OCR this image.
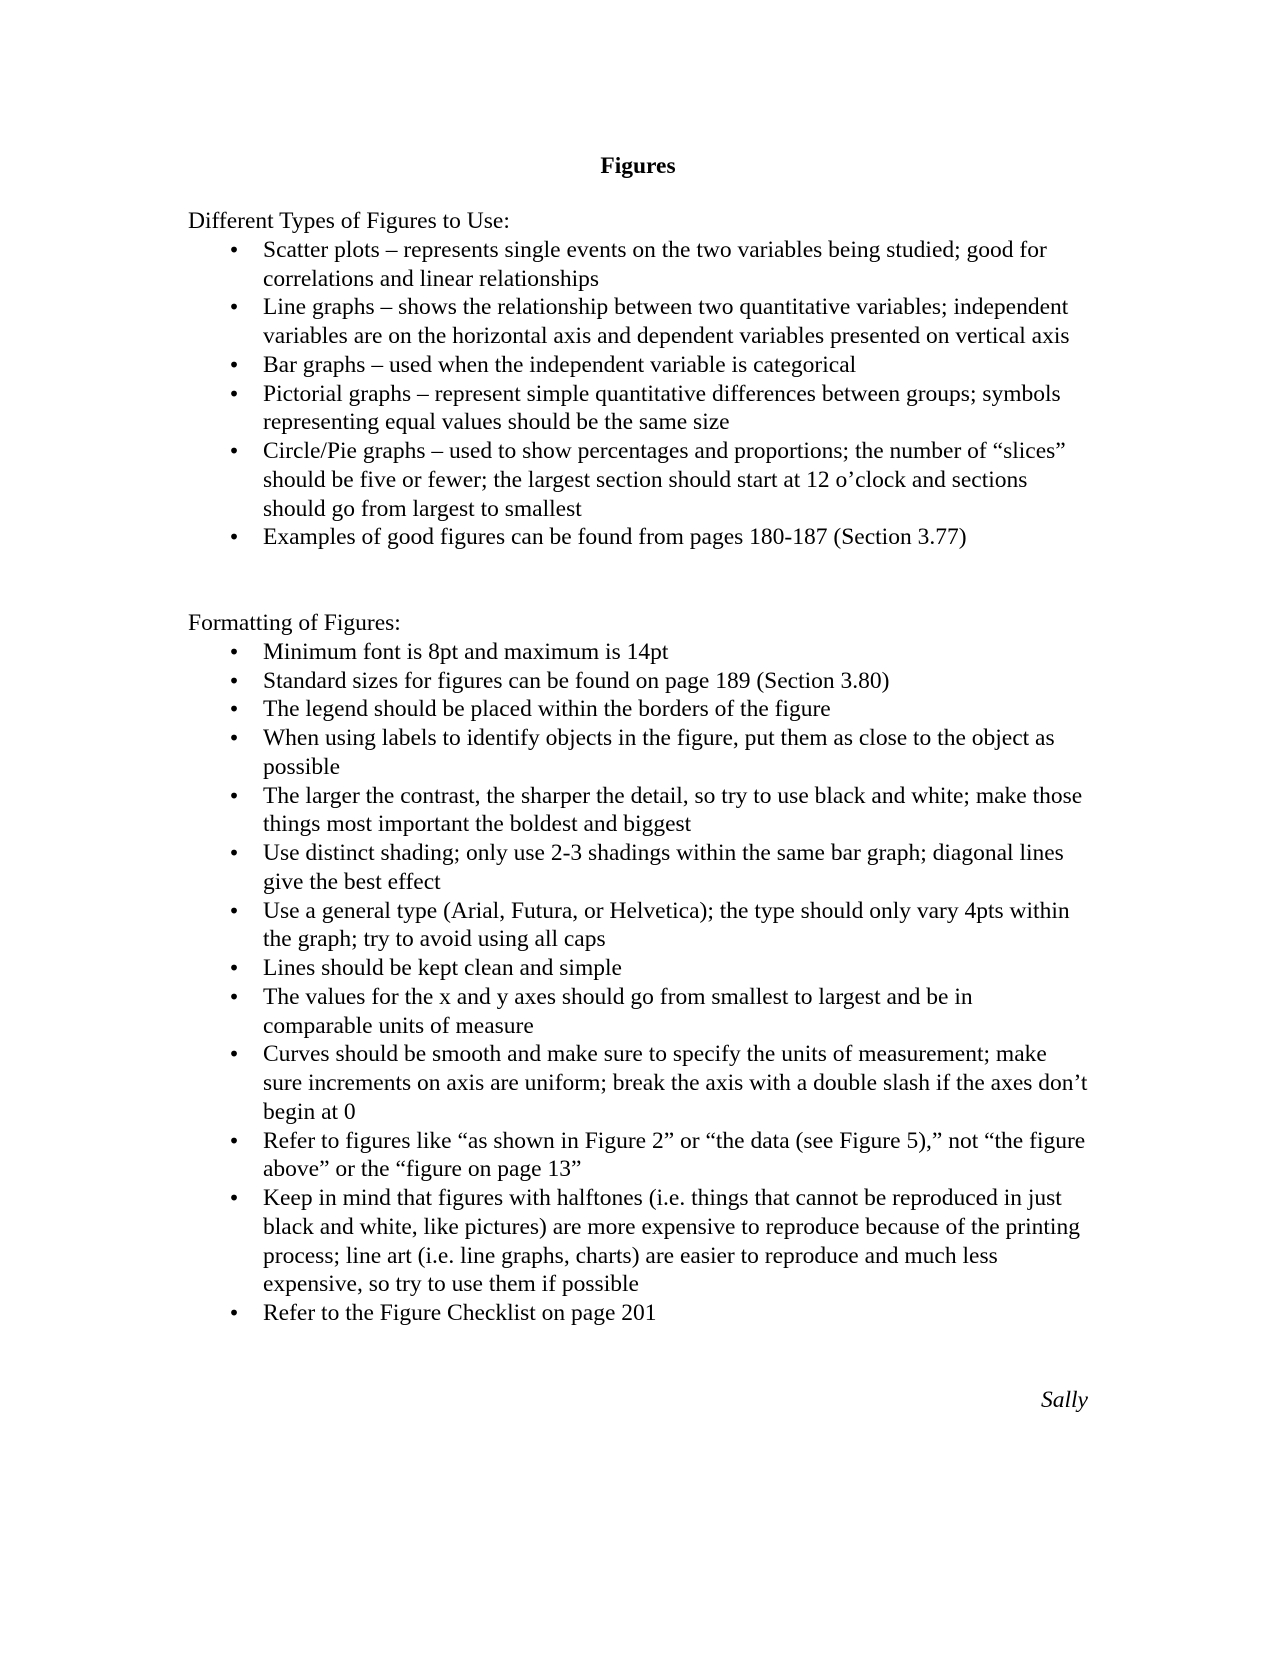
Figures

Different Types of Figures to Use:

• Scatter plots – represents single events on the two variables being studied; good for correlations and linear relationships
• Line graphs – shows the relationship between two quantitative variables; independent variables are on the horizontal axis and dependent variables presented on vertical axis
• Bar graphs – used when the independent variable is categorical
• Pictorial graphs – represent simple quantitative differences between groups; symbols representing equal values should be the same size
• Circle/Pie graphs – used to show percentages and proportions; the number of “slices” should be five or fewer; the largest section should start at 12 o’clock and sections should go from largest to smallest
• Examples of good figures can be found from pages 180-187 (Section 3.77)

Formatting of Figures:

• Minimum font is 8pt and maximum is 14pt
• Standard sizes for figures can be found on page 189 (Section 3.80)
• The legend should be placed within the borders of the figure
• When using labels to identify objects in the figure, put them as close to the object as possible
• The larger the contrast, the sharper the detail, so try to use black and white; make those things most important the boldest and biggest
• Use distinct shading; only use 2-3 shadings within the same bar graph; diagonal lines give the best effect
• Use a general type (Arial, Futura, or Helvetica); the type should only vary 4pts within the graph; try to avoid using all caps
• Lines should be kept clean and simple
• The values for the x and y axes should go from smallest to largest and be in comparable units of measure
• Curves should be smooth and make sure to specify the units of measurement; make sure increments on axis are uniform; break the axis with a double slash if the axes don’t begin at 0
• Refer to figures like “as shown in Figure 2” or “the data (see Figure 5),” not “the figure above” or the “figure on page 13”
• Keep in mind that figures with halftones (i.e. things that cannot be reproduced in just black and white, like pictures) are more expensive to reproduce because of the printing process; line art (i.e. line graphs, charts) are easier to reproduce and much less expensive, so try to use them if possible
• Refer to the Figure Checklist on page 201
Sally
